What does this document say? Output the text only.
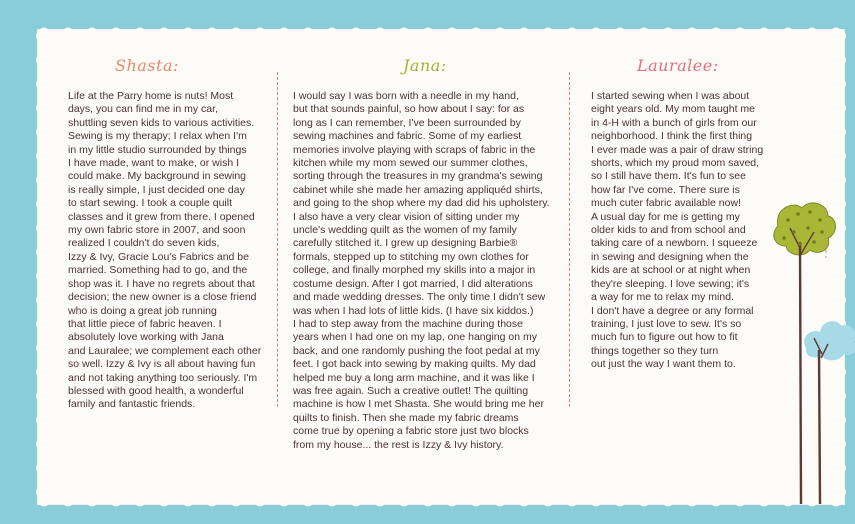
Shasta:

Life at the Parry home is nuts! Most
days, you can find me in my car,
shuttling seven kids to various activities.
Sewing is my therapy; I relax when I'm
in my little studio surrounded by things
I have made, want to make, or wish I
could make. My background in sewing
is really simple, I just decided one day
to start sewing. I took a couple quilt
classes and it grew from there. I opened
my own fabric store in 2007, and soon
realized I couldn't do seven kids,
Izzy & Ivy, Gracie Lou's Fabrics and be
married. Something had to go, and the
shop was it. I have no regrets about that
decision; the new owner is a close friend
who is doing a great job running
that little piece of fabric heaven. I
absolutely love working with Jana
and Lauralee; we complement each other
so well. Izzy & Ivy is all about having fun
and not taking anything too seriously. I'm
blessed with good health, a wonderful
family and fantastic friends.

Jana:

I would say I was born with a needle in my hand,
but that sounds painful, so how about I say: for as
long as I can remember, I've been surrounded by
sewing machines and fabric. Some of my earliest
memories involve playing with scraps of fabric in the
kitchen while my mom sewed our summer clothes,
sorting through the treasures in my grandma's sewing
cabinet while she made her amazing appliquéd shirts,
and going to the shop where my dad did his upholstery.
I also have a very clear vision of sitting under my
uncle's wedding quilt as the women of my family
carefully stitched it. I grew up designing Barbie®
formals, stepped up to stitching my own clothes for
college, and finally morphed my skills into a major in
costume design. After I got married, I did alterations
and made wedding dresses. The only time I didn't sew
was when I had lots of little kids. (I have six kiddos.)
I had to step away from the machine during those
years when I had one on my lap, one hanging on my
back, and one randomly pushing the foot pedal at my
feet. I got back into sewing by making quilts. My dad
helped me buy a long arm machine, and it was like I
was free again. Such a creative outlet! The quilting
machine is how I met Shasta. She would bring me her
quilts to finish. Then she made my fabric dreams
come true by opening a fabric store just two blocks
from my house... the rest is Izzy & Ivy history.

Lauralee:

I started sewing when I was about
eight years old. My mom taught me
in 4-H with a bunch of girls from our
neighborhood. I think the first thing
I ever made was a pair of draw string
shorts, which my proud mom saved,
so I still have them. It's fun to see
how far I've come. There sure is
much cuter fabric available now!
A usual day for me is getting my
older kids to and from school and
taking care of a newborn. I squeeze
in sewing and designing when the
kids are at school or at night when
they're sleeping. I love sewing; it's
a way for me to relax my mind.
I don't have a degree or any formal
training, I just love to sew. It's so
much fun to figure out how to fit
things together so they turn
out just the way I want them to.
